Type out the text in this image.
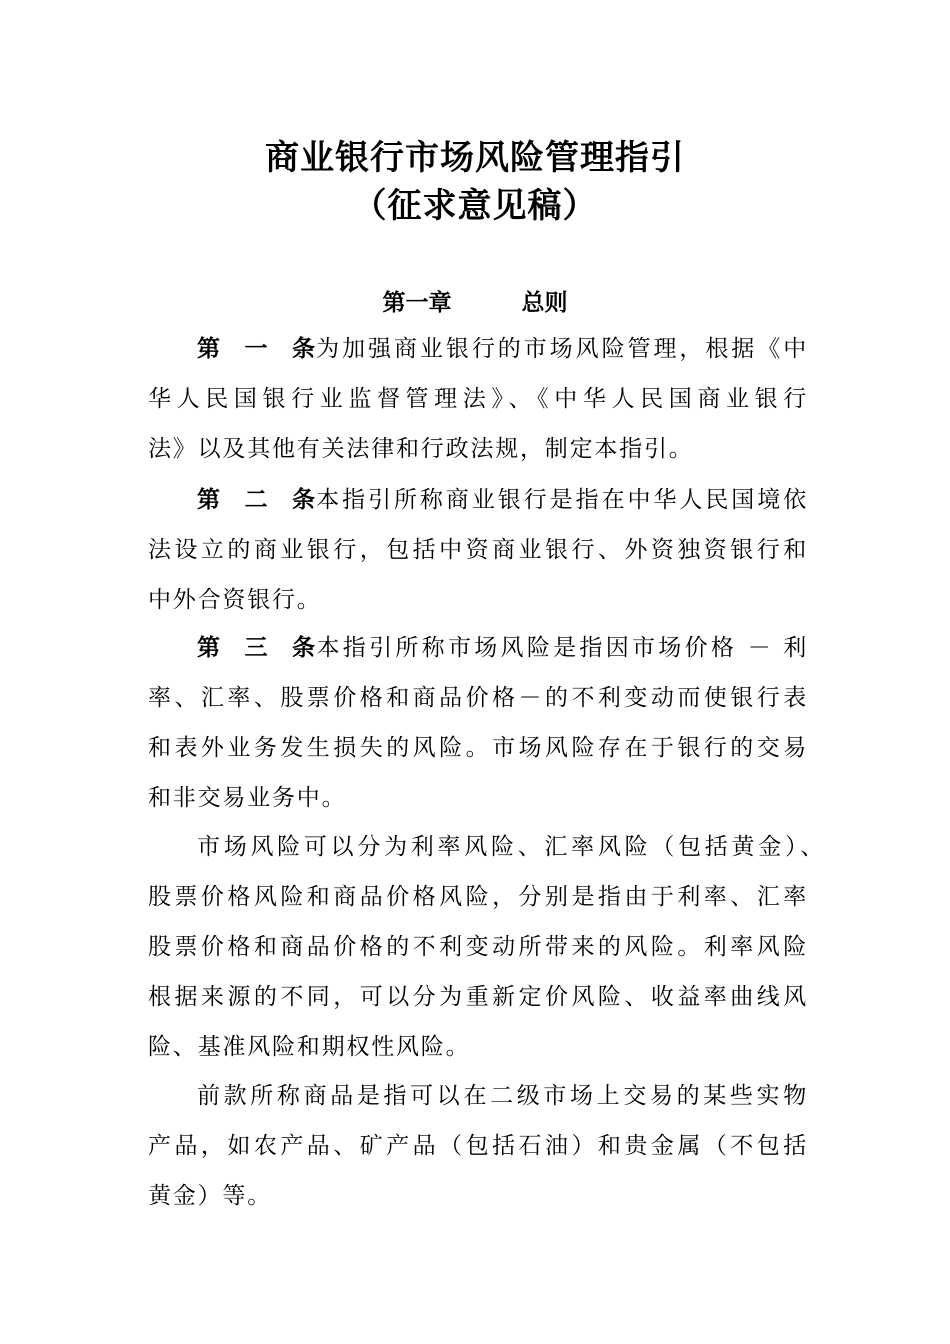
商业银行市场风险管理指引
（征求意见稿）
第一章	总则
第一条为加强商业银行的市场风险管理，根据《中
华人民国银行业监督管理法》、《中华人民国商业银行
法》以及其他有关法律和行政法规，制定本指引。
第二条本指引所称商业银行是指在中华人民国境依
法设立的商业银行，包括中资商业银行、外资独资银行和
中外合资银行。
第三条本指引所称市场风险是指因市场价格 － 利
率、汇率、股票价格和商品价格－的不利变动而使银行表
和表外业务发生损失的风险。市场风险存在于银行的交易
和非交易业务中。
市场风险可以分为利率风险、汇率风险（包括黄金）、
股票价格风险和商品价格风险，分别是指由于利率、汇率
股票价格和商品价格的不利变动所带来的风险。利率风险
根据来源的不同，可以分为重新定价风险、收益率曲线风
险、基准风险和期权性风险。
前款所称商品是指可以在二级市场上交易的某些实物
产品，如农产品、矿产品（包括石油）和贵金属（不包括
黄金）等。
